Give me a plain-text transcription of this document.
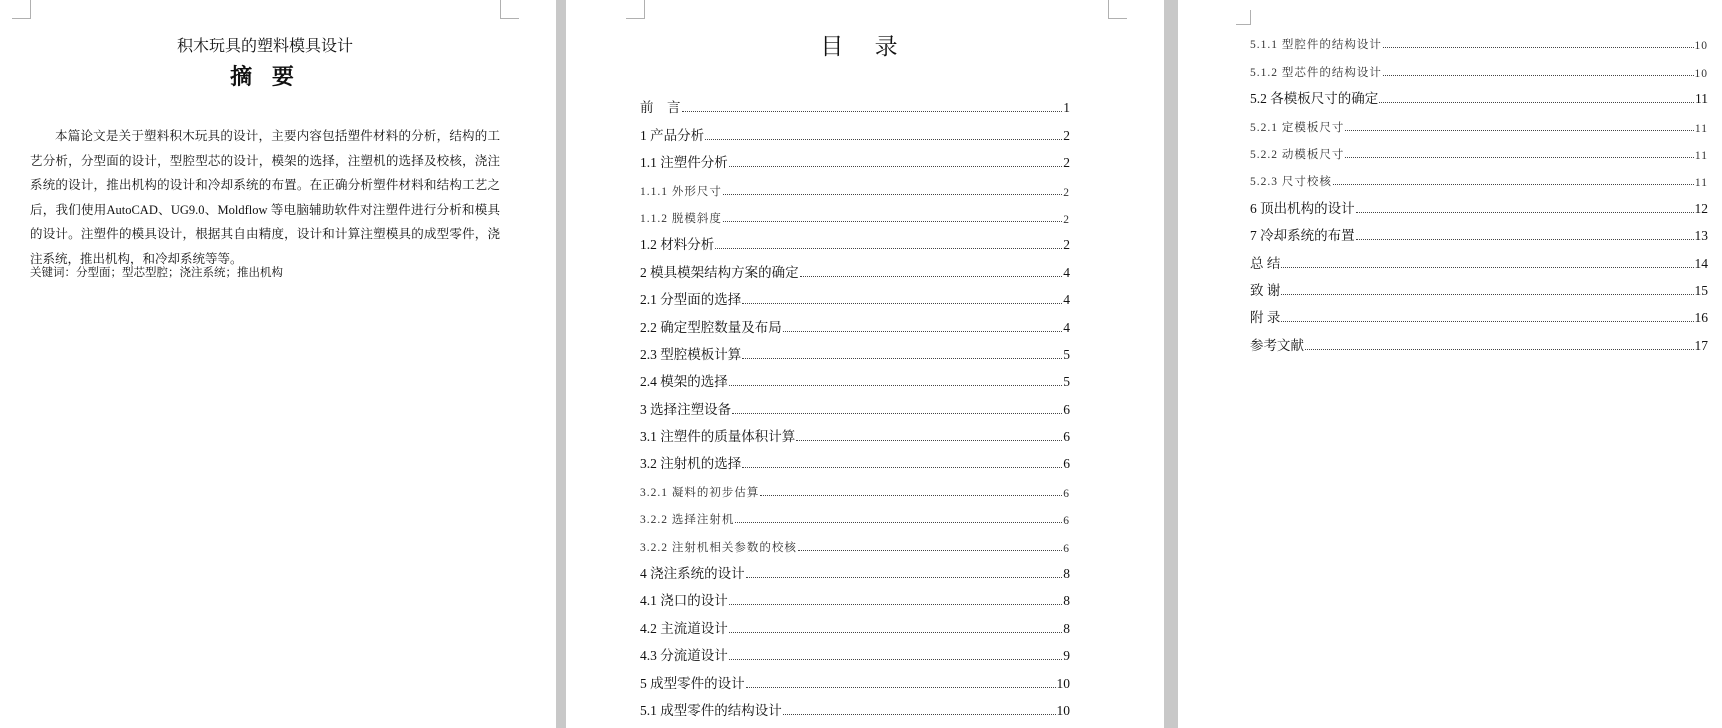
积木玩具的塑料模具设计
摘 要
本篇论文是关于塑料积木玩具的设计，主要内容包括塑件材料的分析，结构的工艺分析，分型面的设计，型腔型芯的设计，模架的选择，注塑机的选择及校核，浇注系统的设计，推出机构的设计和冷却系统的布置。在正确分析塑件材料和结构工艺之后，我们使用AutoCAD、UG9.0、Moldflow 等电脑辅助软件对注塑件进行分析和模具的设计。注塑件的模具设计，根据其自由精度，设计和计算注塑模具的成型零件，浇注系统，推出机构，和冷却系统等等。
关键词：分型面；型芯型腔；浇注系统；推出机构
目 录
前　言	1
1 产品分析	2
1.1 注塑件分析	2
1.1.1 外形尺寸	2
1.1.2 脱模斜度	2
1.2 材料分析	2
2 模具模架结构方案的确定	4
2.1 分型面的选择	4
2.2 确定型腔数量及布局	4
2.3 型腔模板计算	5
2.4 模架的选择	5
3 选择注塑设备	6
3.1 注塑件的质量体积计算	6
3.2 注射机的选择	6
3.2.1 凝料的初步估算	6
3.2.2 选择注射机	6
3.2.2 注射机相关参数的校核	6
4 浇注系统的设计	8
4.1 浇口的设计	8
4.2 主流道设计	8
4.3 分流道设计	9
5 成型零件的设计	10
5.1 成型零件的结构设计	10
5.1.1 型腔件的结构设计	10
5.1.2 型芯件的结构设计	10
5.2 各模板尺寸的确定	11
5.2.1 定模板尺寸	11
5.2.2 动模板尺寸	11
5.2.3 尺寸校核	11
6 顶出机构的设计	12
7 冷却系统的布置	13
总 结	14
致 谢	15
附 录	16
参考文献	17
